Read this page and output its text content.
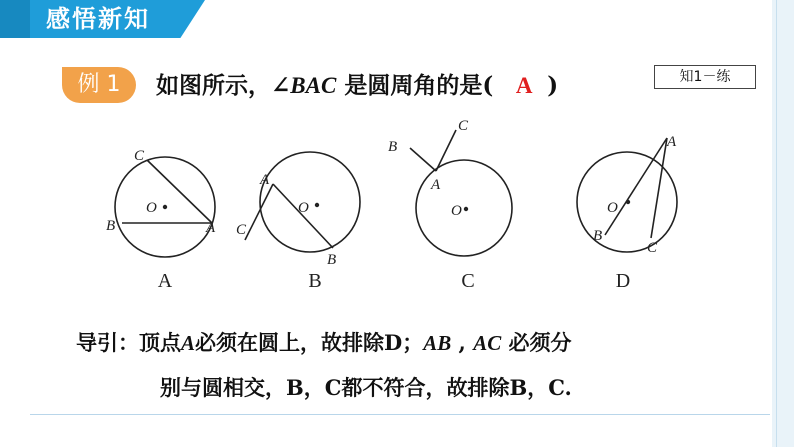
感悟新知
例 1	如图所示，∠BAC 是圆周角的是( A )	知1－练
C
O
B	A
A
A
C
O
B
B
B
C
A
O
C
A
O
B
C
D
导引：顶点A必须在圆上，故排除D；AB , AC 必须分
别与圆相交，B，C都不符合，故排除B，C.
